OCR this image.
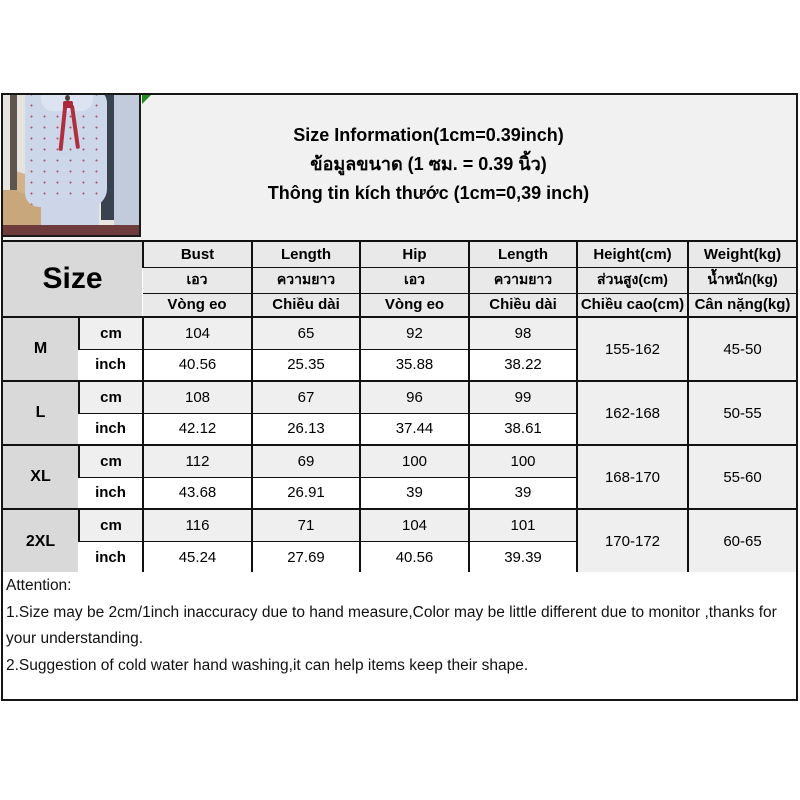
Size Information(1cm=0.39inch)
ข้อมูลขนาด (1 ซม. = 0.39 นิ้ว)
Thông tin kích thước (1cm=0,39 inch)
Size		Bust	Length	Hip	Length	Height(cm)	Weight(kg)
		เอว	ความยาว	เอว	ความยาว	ส่วนสูง(cm)	น้ำหนัก(kg)
		Vòng eo	Chiều dài	Vòng eo	Chiều dài	Chiều cao(cm)	Cân nặng(kg)
M	cm	104	65	92	98	155-162	45-50
	inch	40.56	25.35	35.88	38.22		
L	cm	108	67	96	99	162-168	50-55
	inch	42.12	26.13	37.44	38.61		
XL	cm	112	69	100	100	168-170	55-60
	inch	43.68	26.91	39	39		
2XL	cm	116	71	104	101	170-172	60-65
	inch	45.24	27.69	40.56	39.39		
Attention:
1.Size may be 2cm/1inch inaccuracy due to hand measure,Color may be little different due to monitor ,thanks for your understanding.
2.Suggestion of cold water hand washing,it can help items keep their shape.
